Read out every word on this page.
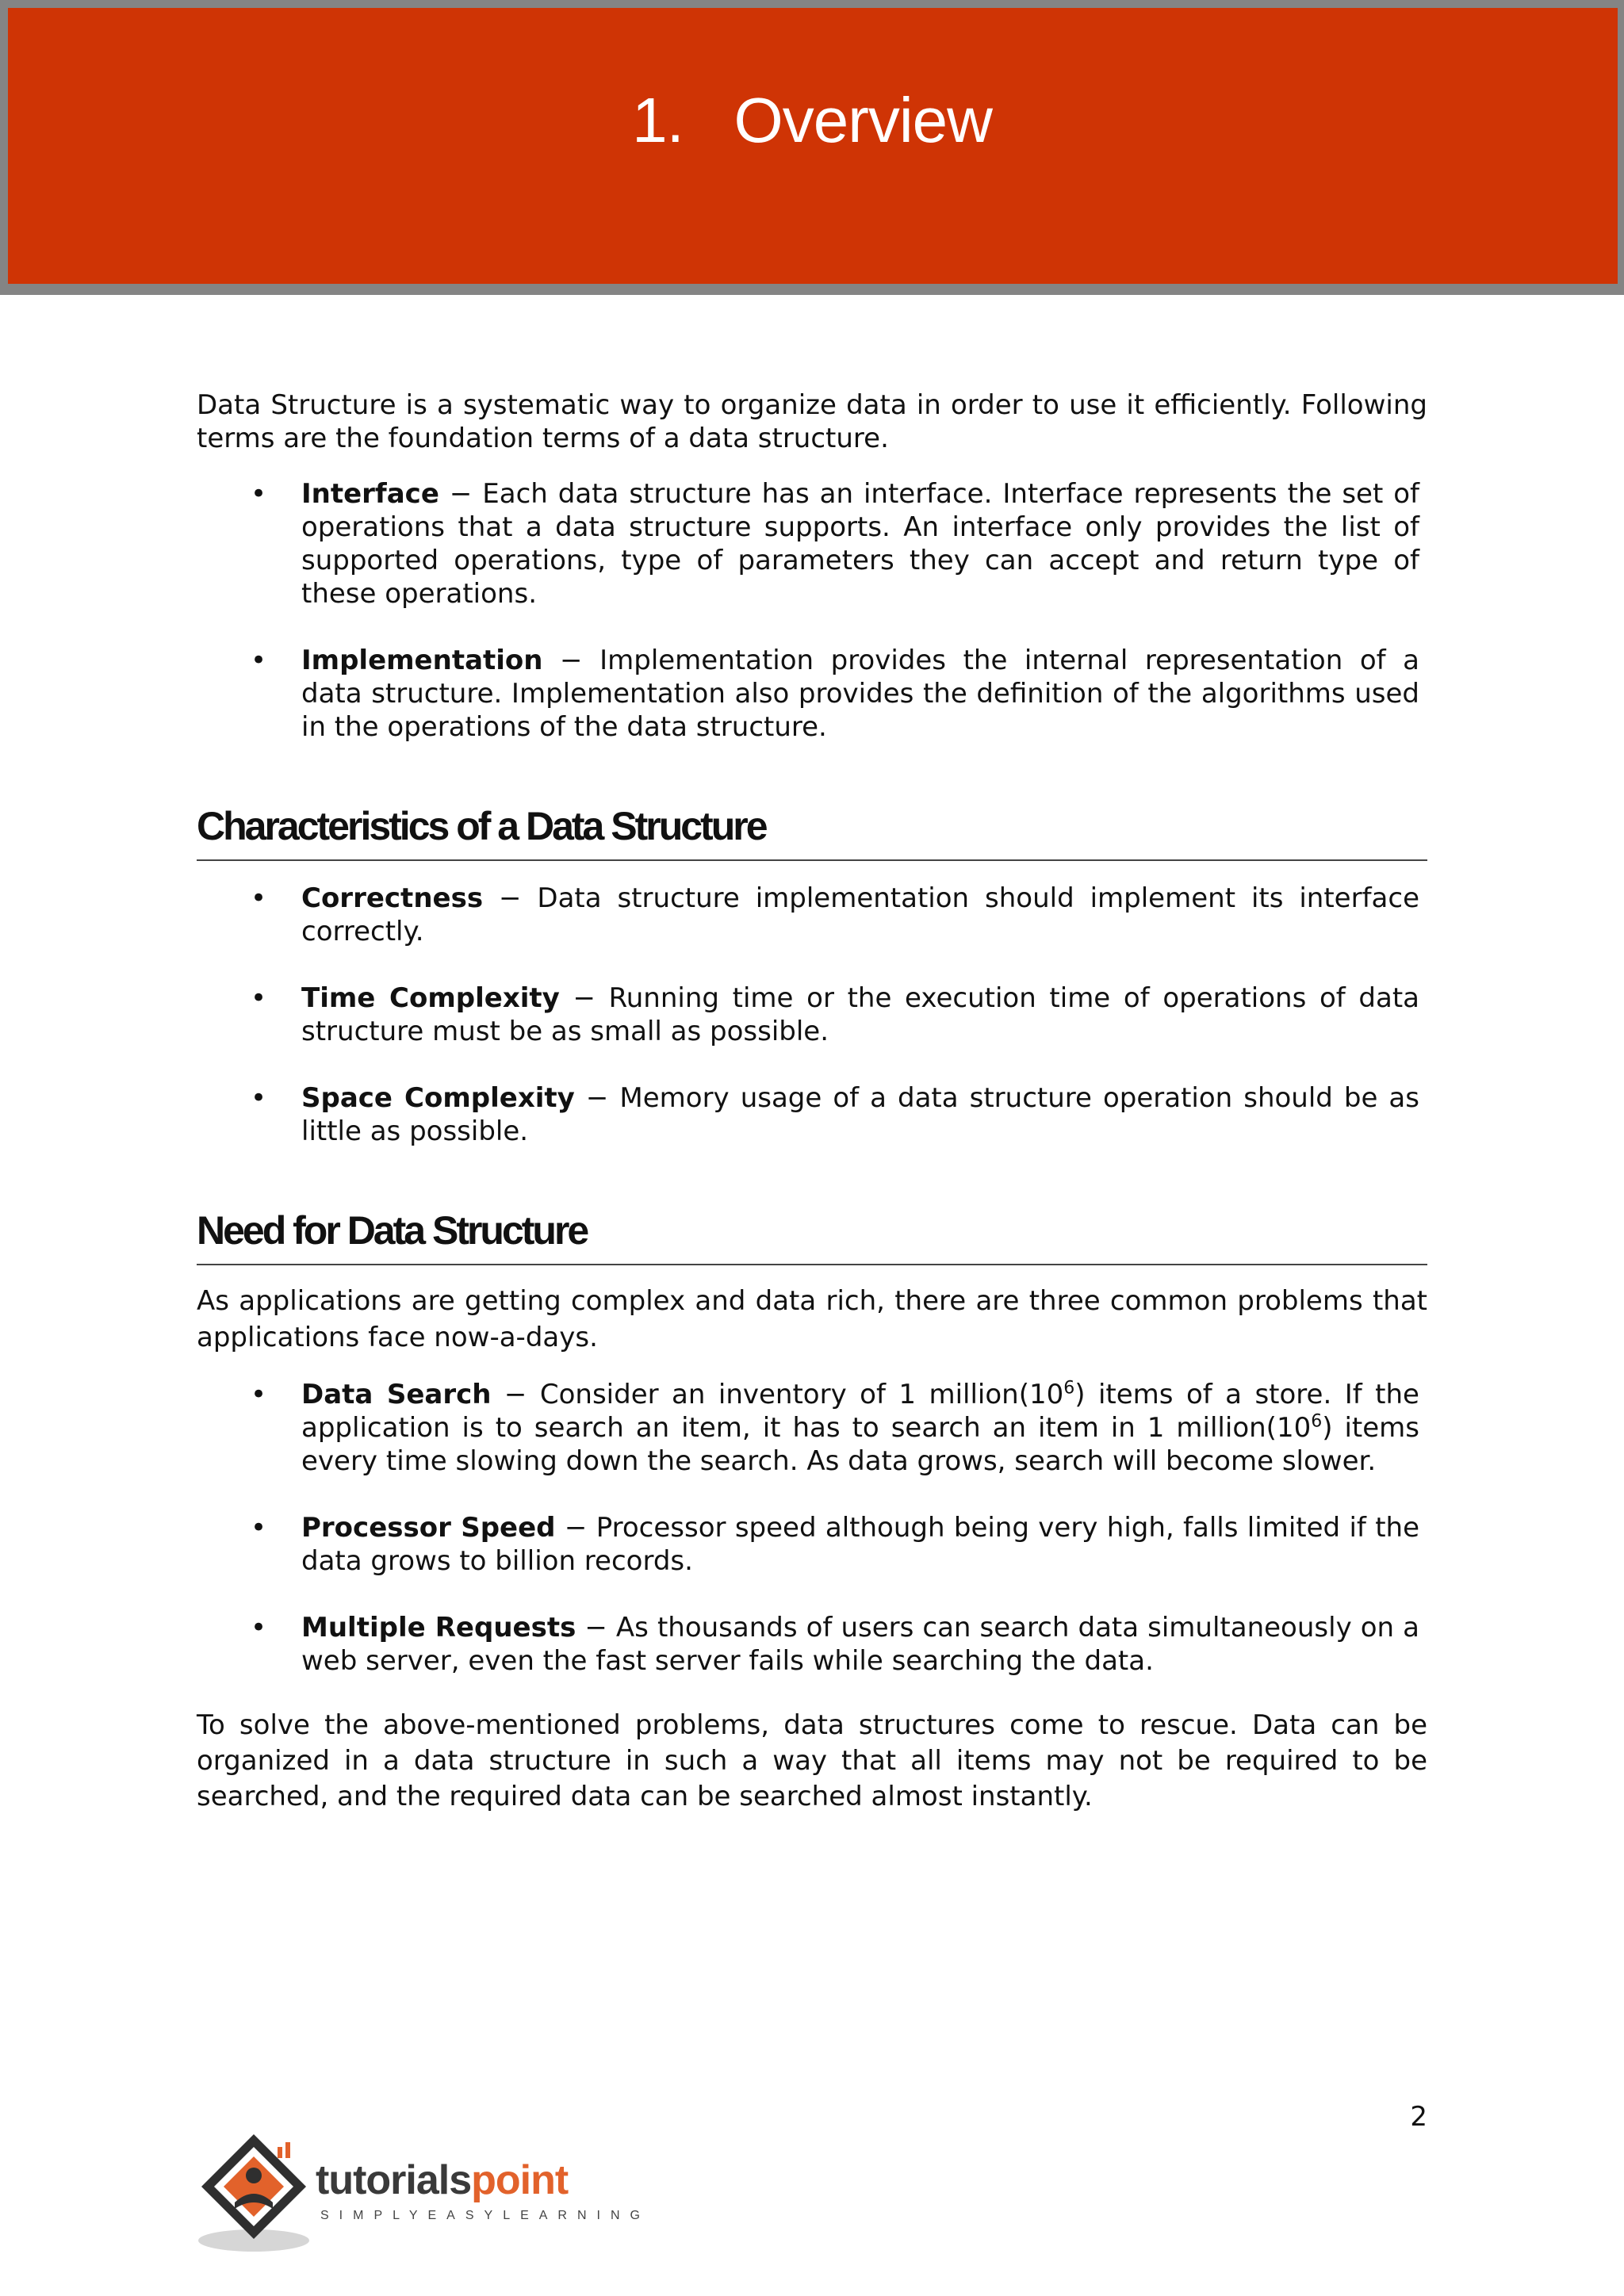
1.   Overview

Data Structure is a systematic way to organize data in order to use it efficiently. Following terms are the foundation terms of a data structure.

• Interface − Each data structure has an interface. Interface represents the set of operations that a data structure supports. An interface only provides the list of supported operations, type of parameters they can accept and return type of these operations.
• Implementation − Implementation provides the internal representation of a data structure. Implementation also provides the definition of the algorithms used in the operations of the data structure.
Characteristics of a Data Structure
• Correctness − Data structure implementation should implement its interface correctly.
• Time Complexity − Running time or the execution time of operations of data structure must be as small as possible.
• Space Complexity − Memory usage of a data structure operation should be as little as possible.
Need for Data Structure

As applications are getting complex and data rich, there are three common problems that applications face now-a-days.

• Data Search − Consider an inventory of 1 $million(10^6)$ items of a store. If the application is to search an item, it has to search an item in 1 $million(10^6)$ items every time slowing down the search. As data grows, search will become slower.
• Processor Speed − Processor speed although being very high, falls limited if the data grows to billion records.
• Multiple Requests − As thousands of users can search data simultaneously on a web server, even the fast server fails while searching the data.

To solve the above-mentioned problems, data structures come to rescue. Data can be organized in a data structure in such a way that all items may not be required to be searched, and the required data can be searched almost instantly.

2
tutorialspoint
SIMPLYEASYLEARNING
